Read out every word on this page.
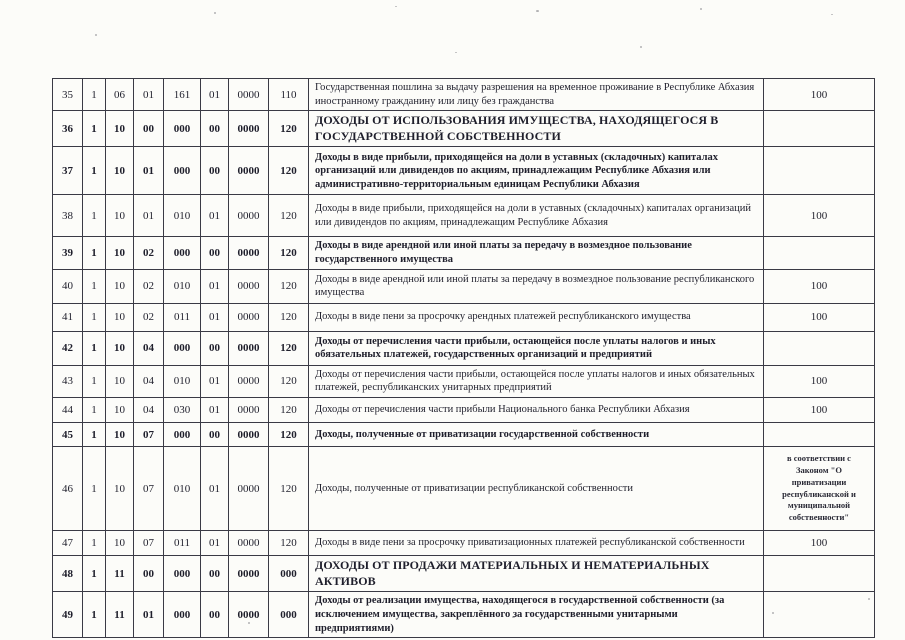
35	1	06	01	161	01	0000	110	Государственная пошлина за выдачу разрешения на временное проживание в Республике Абхазия иностранному гражданину или лицу без гражданства	100
36	1	10	00	000	00	0000	120	ДОХОДЫ ОТ ИСПОЛЬЗОВАНИЯ ИМУЩЕСТВА, НАХОДЯЩЕГОСЯ В ГОСУДАРСТВЕННОЙ СОБСТВЕННОСТИ	
37	1	10	01	000	00	0000	120	Доходы в виде прибыли, приходящейся на доли в уставных (складочных) капиталах организаций или дивидендов по акциям, принадлежащим Республике Абхазия или административно-территориальным единицам Республики Абхазия	
38	1	10	01	010	01	0000	120	Доходы в виде прибыли, приходящейся на доли в уставных (складочных) капиталах организаций или дивидендов по акциям, принадлежащим Республике Абхазия	100
39	1	10	02	000	00	0000	120	Доходы в виде арендной или иной платы за передачу в возмездное пользование государственного имущества	
40	1	10	02	010	01	0000	120	Доходы в виде арендной или иной платы за передачу в возмездное пользование республиканского имущества	100
41	1	10	02	011	01	0000	120	Доходы в виде пени за просрочку арендных платежей республиканского имущества	100
42	1	10	04	000	00	0000	120	Доходы от перечисления части прибыли, остающейся после уплаты налогов и иных обязательных платежей, государственных организаций и предприятий	
43	1	10	04	010	01	0000	120	Доходы от перечисления части прибыли, остающейся после уплаты налогов и иных обязательных платежей, республиканских унитарных предприятий	100
44	1	10	04	030	01	0000	120	Доходы от перечисления части прибыли Национального банка Республики Абхазия	100
45	1	10	07	000	00	0000	120	Доходы, полученные от приватизации государственной собственности	
46	1	10	07	010	01	0000	120	Доходы, полученные от приватизации республиканской собственности	в соответствии с Законом "О приватизации республиканской и муниципальной собственности"
47	1	10	07	011	01	0000	120	Доходы в виде пени за просрочку приватизационных платежей республиканской собственности	100
48	1	11	00	000	00	0000	000	ДОХОДЫ ОТ ПРОДАЖИ МАТЕРИАЛЬНЫХ И НЕМАТЕРИАЛЬНЫХ АКТИВОВ	
49	1	11	01	000	00	0000	000	Доходы от реализации имущества, находящегося в государственной собственности (за исключением имущества, закреплённого за государственными унитарными предприятиями)	
